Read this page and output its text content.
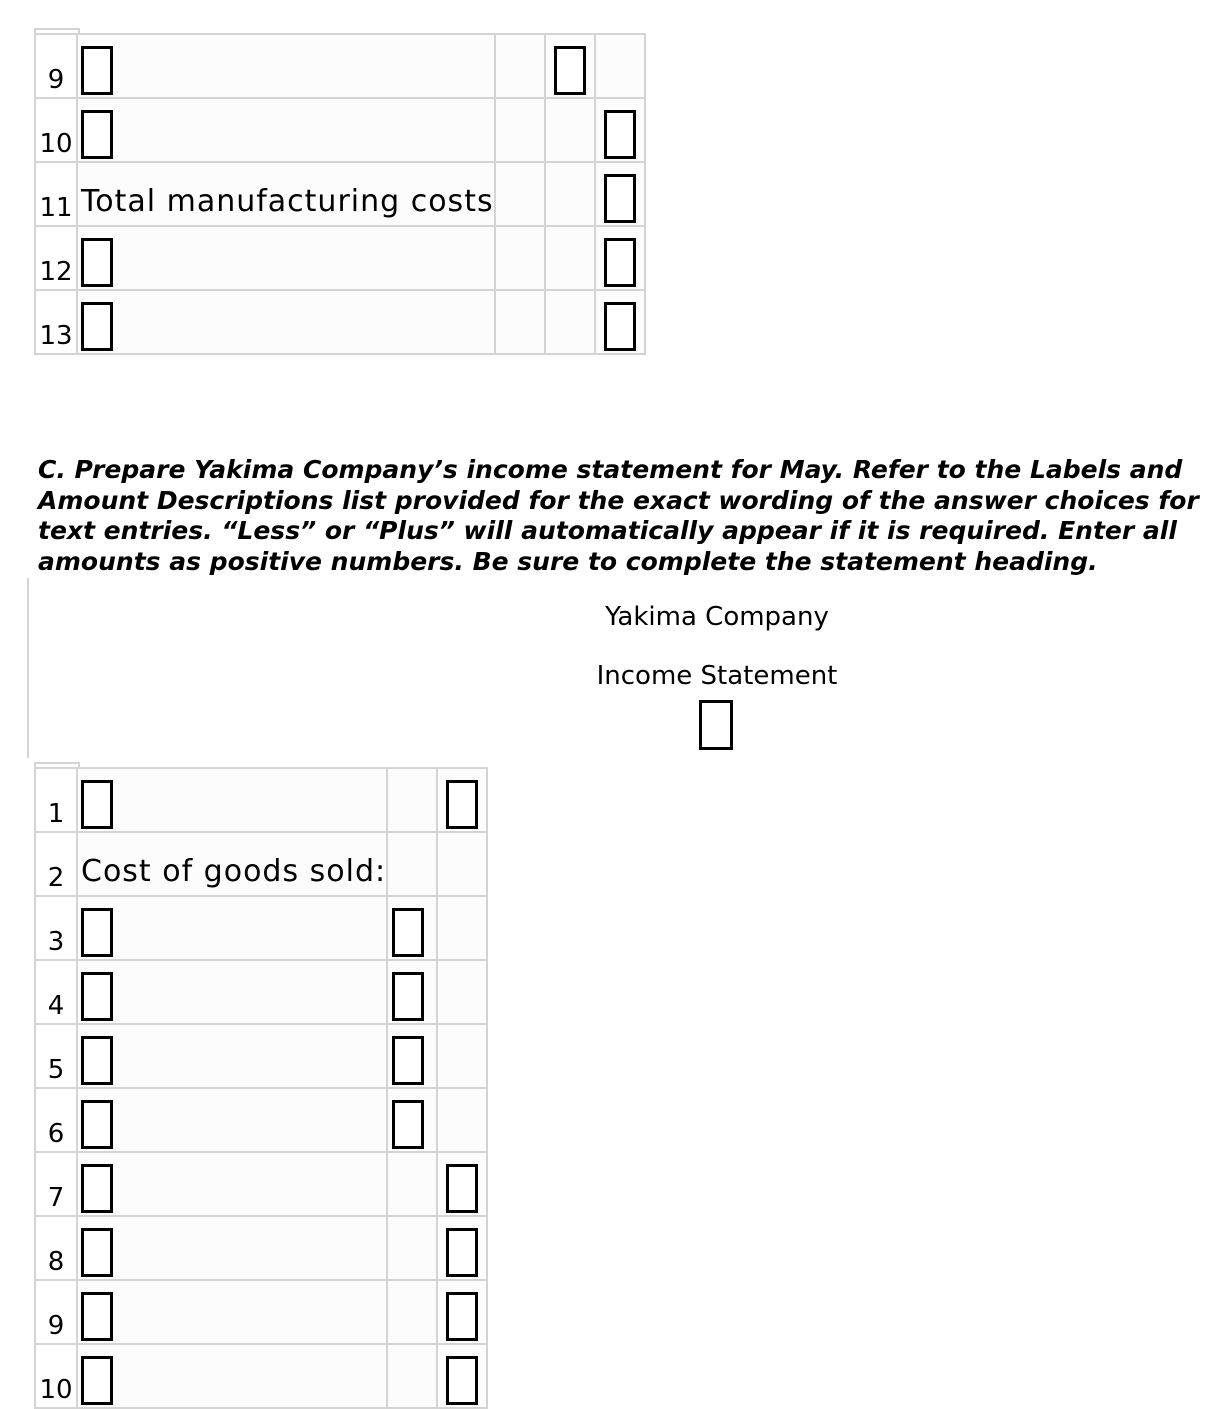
9			

10				

11	Total manufacturing costs			

12				

13				

C. Prepare Yakima Company’s income statement for May. Refer to the Labels and Amount Descriptions list provided for the exact wording of the answer choices for text entries. “Less” or “Plus” will automatically appear if it is required. Enter all amounts as positive numbers. Be sure to complete the statement heading.

Yakima Company
Income Statement
1			

2	Cost of goods sold:		
3		

4		

5		

6		

7			

8			

9			

10			
